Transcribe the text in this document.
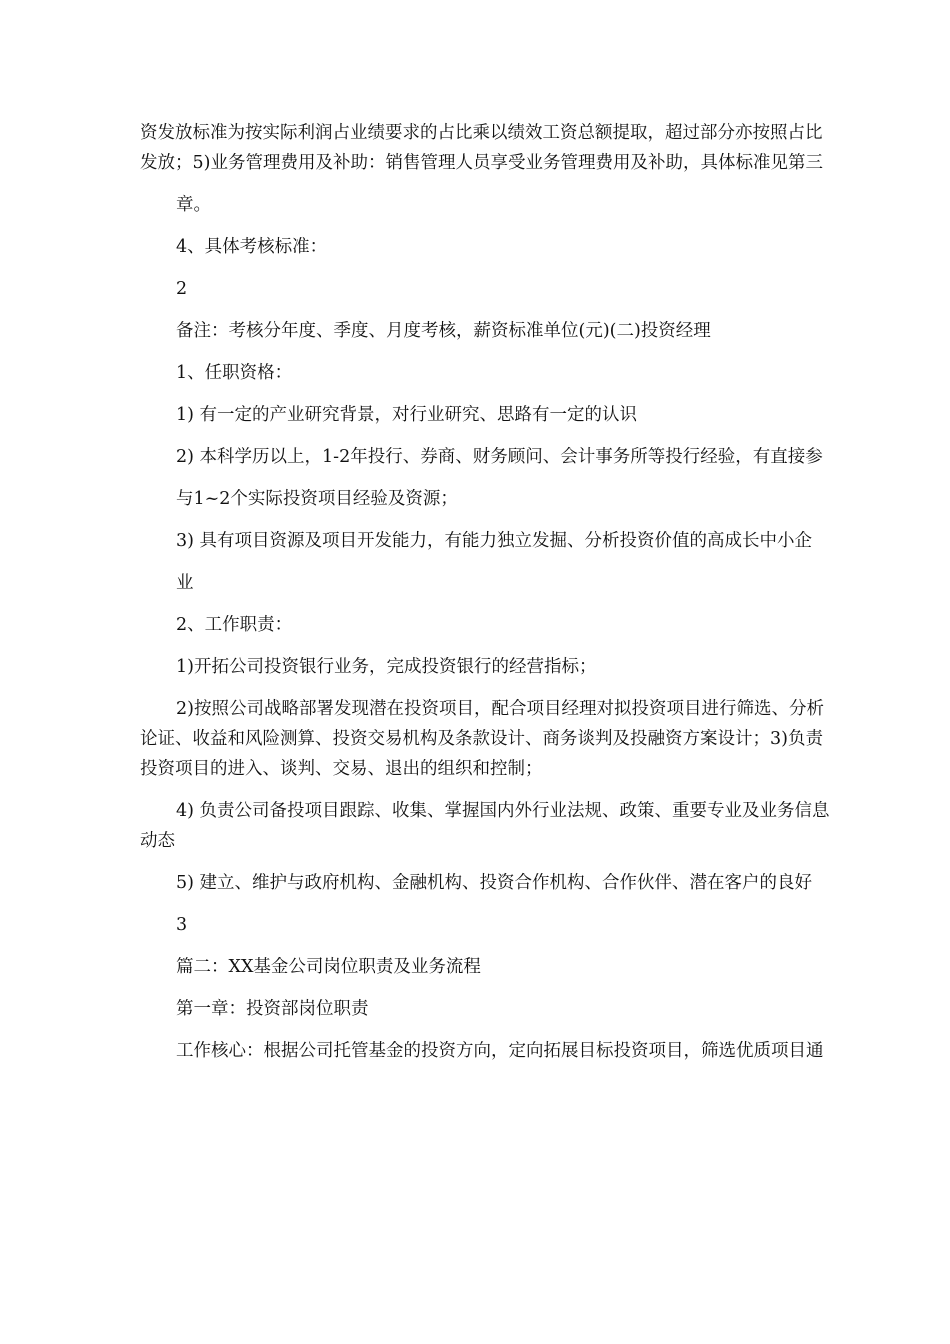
资发放标准为按实际利润占业绩要求的占比乘以绩效工资总额提取，超过部分亦按照占比发放；5)业务管理费用及补助：销售管理人员享受业务管理费用及补助，具体标准见第三

章。

4、具体考核标准：

2

备注：考核分年度、季度、月度考核，薪资标准单位(元)(二)投资经理

1、任职资格：

1) 有一定的产业研究背景，对行业研究、思路有一定的认识

2) 本科学历以上，1-2年投行、券商、财务顾问、会计事务所等投行经验，有直接参

与1~2个实际投资项目经验及资源；

3) 具有项目资源及项目开发能力，有能力独立发掘、分析投资价值的高成长中小企

业

2、工作职责：

1)开拓公司投资银行业务，完成投资银行的经营指标；

2)按照公司战略部署发现潜在投资项目，配合项目经理对拟投资项目进行筛选、分析论证、收益和风险测算、投资交易机构及条款设计、商务谈判及投融资方案设计；3)负责投资项目的进入、谈判、交易、退出的组织和控制；

4) 负责公司备投项目跟踪、收集、掌握国内外行业法规、政策、重要专业及业务信息动态

5) 建立、维护与政府机构、金融机构、投资合作机构、合作伙伴、潜在客户的良好

3

篇二：XX基金公司岗位职责及业务流程

第一章：投资部岗位职责

工作核心：根据公司托管基金的投资方向，定向拓展目标投资项目，筛选优质项目通
